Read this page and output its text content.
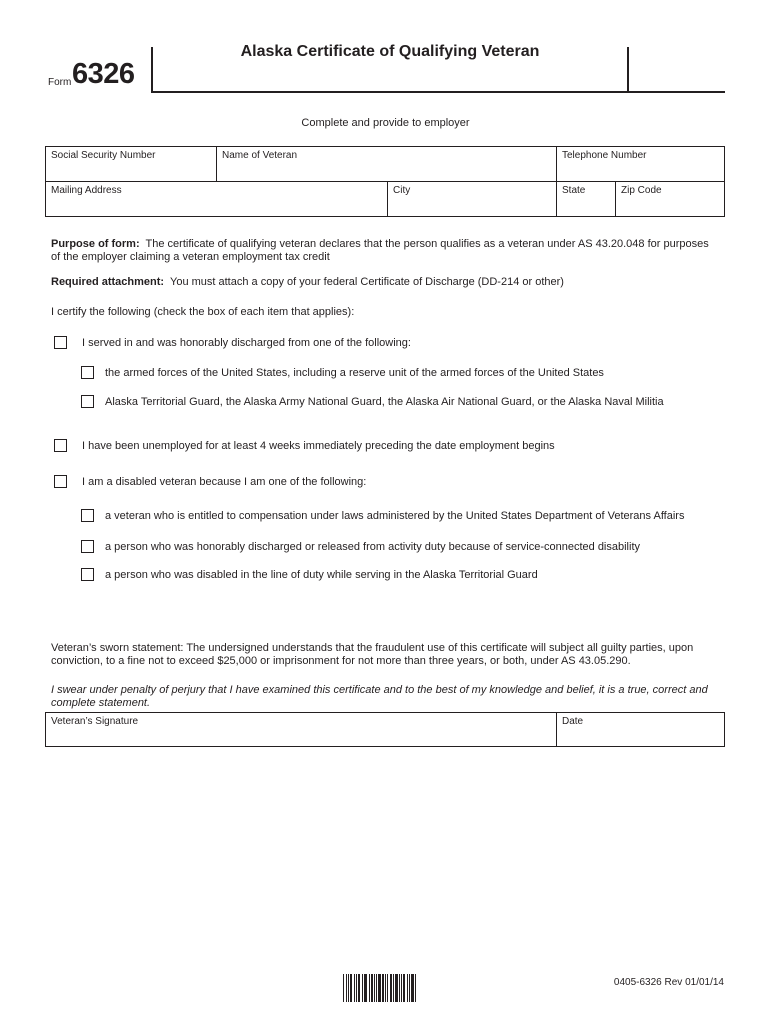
Form 6326
Alaska Certificate of Qualifying Veteran
Complete and provide to employer
Social Security Number	Name of Veteran	Telephone Number
Mailing Address	City	State	Zip Code
Purpose of form: The certificate of qualifying veteran declares that the person qualifies as a veteran under AS 43.20.048 for purposes
of the employer claiming a veteran employment tax credit
Required attachment: You must attach a copy of your federal Certificate of Discharge (DD-214 or other)
I certify the following (check the box of each item that applies):
I served in and was honorably discharged from one of the following:
the armed forces of the United States, including a reserve unit of the armed forces of the United States
Alaska Territorial Guard, the Alaska Army National Guard, the Alaska Air National Guard, or the Alaska Naval Militia
I have been unemployed for at least 4 weeks immediately preceding the date employment begins
I am a disabled veteran because I am one of the following:
a veteran who is entitled to compensation under laws administered by the United States Department of Veterans Affairs
a person who was honorably discharged or released from activity duty because of service-connected disability
a person who was disabled in the line of duty while serving in the Alaska Territorial Guard
Veteran’s sworn statement: The undersigned understands that the fraudulent use of this certificate will subject all guilty parties, upon
conviction, to a fine not to exceed $25,000 or imprisonment for not more than three years, or both, under AS 43.05.290.
I swear under penalty of perjury that I have examined this certificate and to the best of my knowledge and belief, it is a true, correct and
complete statement.
Veteran’s Signature	Date
0405-6326 Rev 01/01/14
